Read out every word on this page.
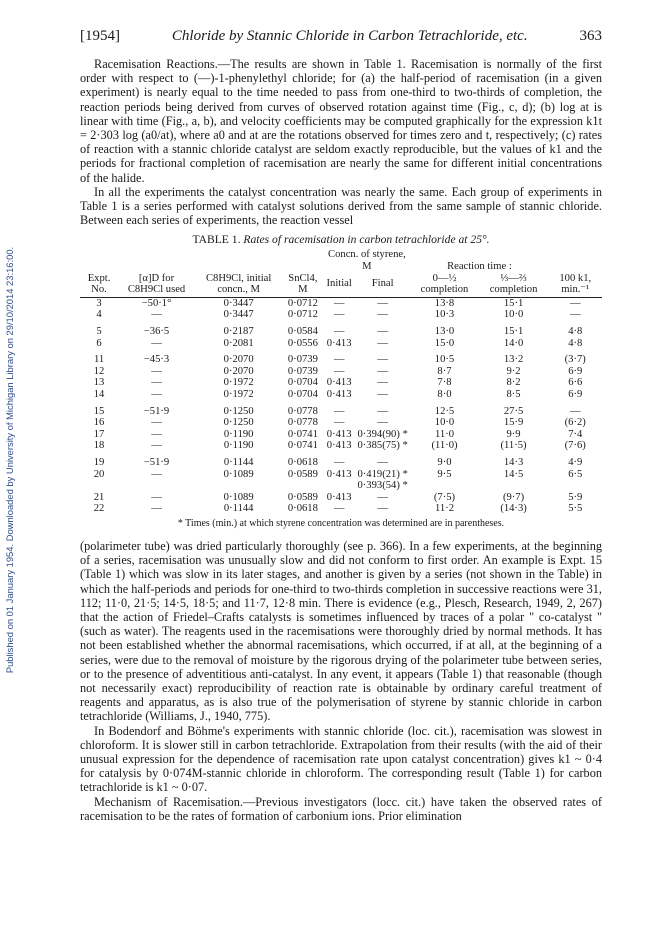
Published on 01 January 1954. Downloaded by University of Michigan Library on 29/10/2014 23:16:00.
[1954]	Chloride by Stannic Chloride in Carbon Tetrachloride, etc.	363

Racemisation Reactions.—The results are shown in Table 1. Racemisation is normally of the first order with respect to (—)-1-phenylethyl chloride; for (a) the half-period of racemisation (in a given experiment) is nearly equal to the time needed to pass from one-third to two-thirds of completion, the reaction periods being derived from curves of observed rotation against time (Fig., c, d); (b) log at is linear with time (Fig., a, b), and velocity coefficients may be computed graphically for the expression k1t = 2·303 log (a0/at), where a0 and at are the rotations observed for times zero and t, respectively; (c) rates of reaction with a stannic chloride catalyst are seldom exactly reproducible, but the values of k1 and the periods for fractional completion of racemisation are nearly the same for different initial concentrations of the halide.

In all the experiments the catalyst concentration was nearly the same. Each group of experiments in Table 1 is a series performed with catalyst solutions derived from the same sample of stannic chloride. Between each series of experiments, the reaction vessel

TABLE 1. Rates of racemisation in carbon tetrachloride at 25°.
Expt. No.	[α]D for C8H9Cl used	C8H9Cl, initial concn., M	SnCl4, M	Concn. of styrene, M		Reaction time :		100 k1, min.⁻¹
				Initial	Final	0—½ completion	⅓—⅔ completion	

3	−50·1°	0·3447	0·0712	—	—	13·8	15·1	—
4	—	0·3447	0·0712	—	—	10·3	10·0	—

5	−36·5	0·2187	0·0584	—	—	13·0	15·1	4·8
6	—	0·2081	0·0556	0·413	—	15·0	14·0	4·8

11	−45·3	0·2070	0·0739	—	—	10·5	13·2	(3·7)
12	—	0·2070	0·0739	—	—	8·7	9·2	6·9
13	—	0·1972	0·0704	0·413	—	7·8	8·2	6·6
14	—	0·1972	0·0704	0·413	—	8·0	8·5	6·9

15	−51·9	0·1250	0·0778	—	—	12·5	27·5	—
16	—	0·1250	0·0778	—	—	10·0	15·9	(6·2)
17	—	0·1190	0·0741	0·413	0·394(90) *	11·0	9·9	7·4
18	—	0·1190	0·0741	0·413	0·385(75) *	(11·0)	(11·5)	(7·6)

19	−51·9	0·1144	0·0618	—	—	9·0	14·3	4·9
20	—	0·1089	0·0589	0·413	0·419(21) *	9·5	14·5	6·5
					0·393(54) *			
21	—	0·1089	0·0589	0·413	—	(7·5)	(9·7)	5·9
22	—	0·1144	0·0618	—	—	11·2	(14·3)	5·5
* Times (min.) at which styrene concentration was determined are in parentheses.

(polarimeter tube) was dried particularly thoroughly (see p. 366). In a few experiments, at the beginning of a series, racemisation was unusually slow and did not conform to first order. An example is Expt. 15 (Table 1) which was slow in its later stages, and another is given by a series (not shown in the Table) in which the half-periods and periods for one-third to two-thirds completion in successive reactions were 31, 112; 11·0, 21·5; 14·5, 18·5; and 11·7, 12·8 min. There is evidence (e.g., Plesch, Research, 1949, 2, 267) that the action of Friedel–Crafts catalysts is sometimes influenced by traces of a polar " co-catalyst " (such as water). The reagents used in the racemisations were thoroughly dried by normal methods. It has not been established whether the abnormal racemisations, which occurred, if at all, at the beginning of a series, were due to the removal of moisture by the rigorous drying of the polarimeter tube between series, or to the presence of adventitious anti-catalyst. In any event, it appears (Table 1) that reasonable (though not necessarily exact) reproducibility of reaction rate is obtainable by ordinary careful treatment of reagents and apparatus, as is also true of the polymerisation of styrene by stannic chloride in carbon tetrachloride (Williams, J., 1940, 775).

In Bodendorf and Böhme's experiments with stannic chloride (loc. cit.), racemisation was slowest in chloroform. It is slower still in carbon tetrachloride. Extrapolation from their results (with the aid of their unusual expression for the dependence of racemisation rate upon catalyst concentration) gives k1 ~ 0·4 for catalysis by 0·074M-stannic chloride in chloroform. The corresponding result (Table 1) for carbon tetrachloride is k1 ~ 0·07.

Mechanism of Racemisation.—Previous investigators (locc. cit.) have taken the observed rates of racemisation to be the rates of formation of carbonium ions. Prior elimination
